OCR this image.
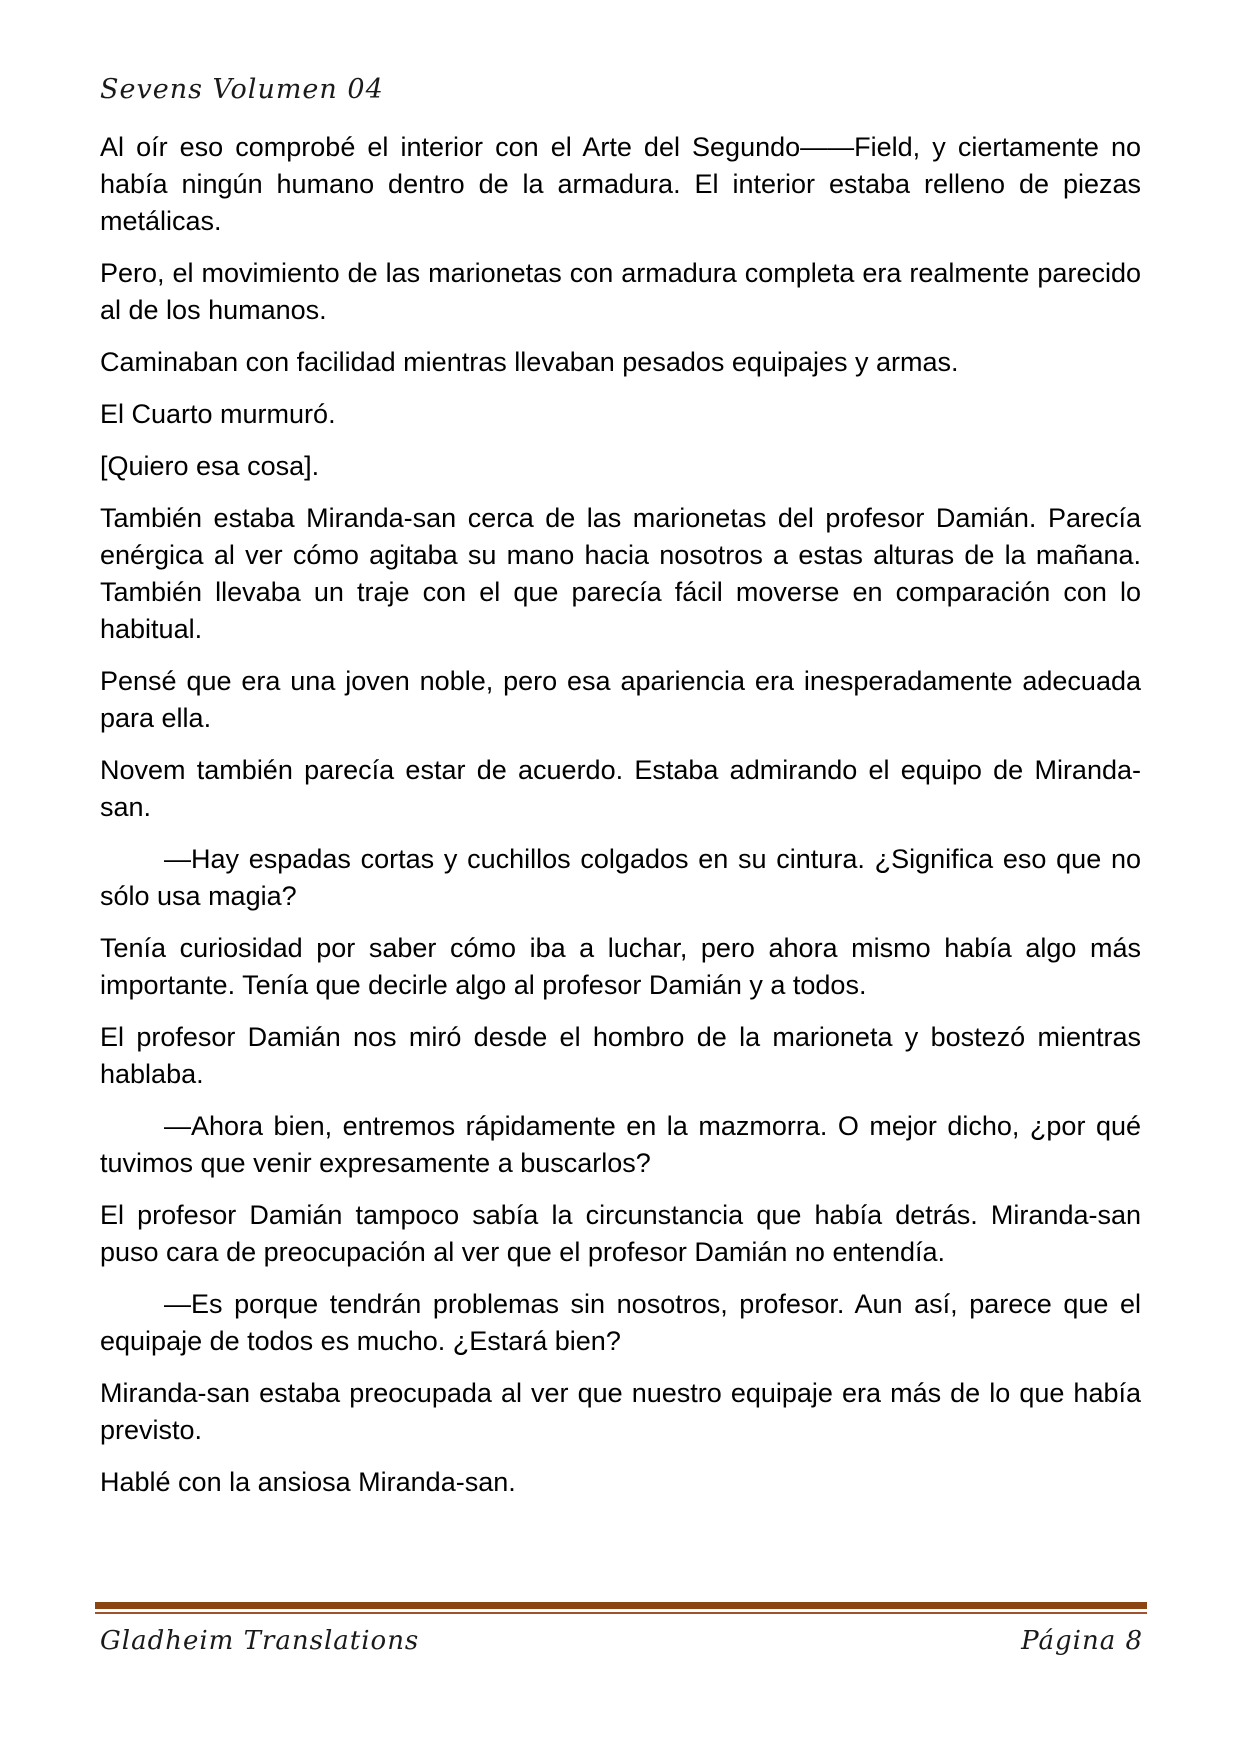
Sevens Volumen 04

Al oír eso comprobé el interior con el Arte del Segundo——Field, y ciertamente no había ningún humano dentro de la armadura. El interior estaba relleno de piezas metálicas.

Pero, el movimiento de las marionetas con armadura completa era realmente parecido al de los humanos.

Caminaban con facilidad mientras llevaban pesados equipajes y armas.

El Cuarto murmuró.

[Quiero esa cosa].

También estaba Miranda-san cerca de las marionetas del profesor Damián. Parecía enérgica al ver cómo agitaba su mano hacia nosotros a estas alturas de la mañana. También llevaba un traje con el que parecía fácil moverse en comparación con lo habitual.

Pensé que era una joven noble, pero esa apariencia era inesperadamente adecuada para ella.

Novem también parecía estar de acuerdo. Estaba admirando el equipo de Miranda-san.

—Hay espadas cortas y cuchillos colgados en su cintura. ¿Significa eso que no sólo usa magia?

Tenía curiosidad por saber cómo iba a luchar, pero ahora mismo había algo más importante. Tenía que decirle algo al profesor Damián y a todos.

El profesor Damián nos miró desde el hombro de la marioneta y bostezó mientras hablaba.

—Ahora bien, entremos rápidamente en la mazmorra. O mejor dicho, ¿por qué tuvimos que venir expresamente a buscarlos?

El profesor Damián tampoco sabía la circunstancia que había detrás. Miranda-san puso cara de preocupación al ver que el profesor Damián no entendía.

—Es porque tendrán problemas sin nosotros, profesor. Aun así, parece que el equipaje de todos es mucho. ¿Estará bien?

Miranda-san estaba preocupada al ver que nuestro equipaje era más de lo que había previsto.

Hablé con la ansiosa Miranda-san.

Gladheim Translations	Página 8
